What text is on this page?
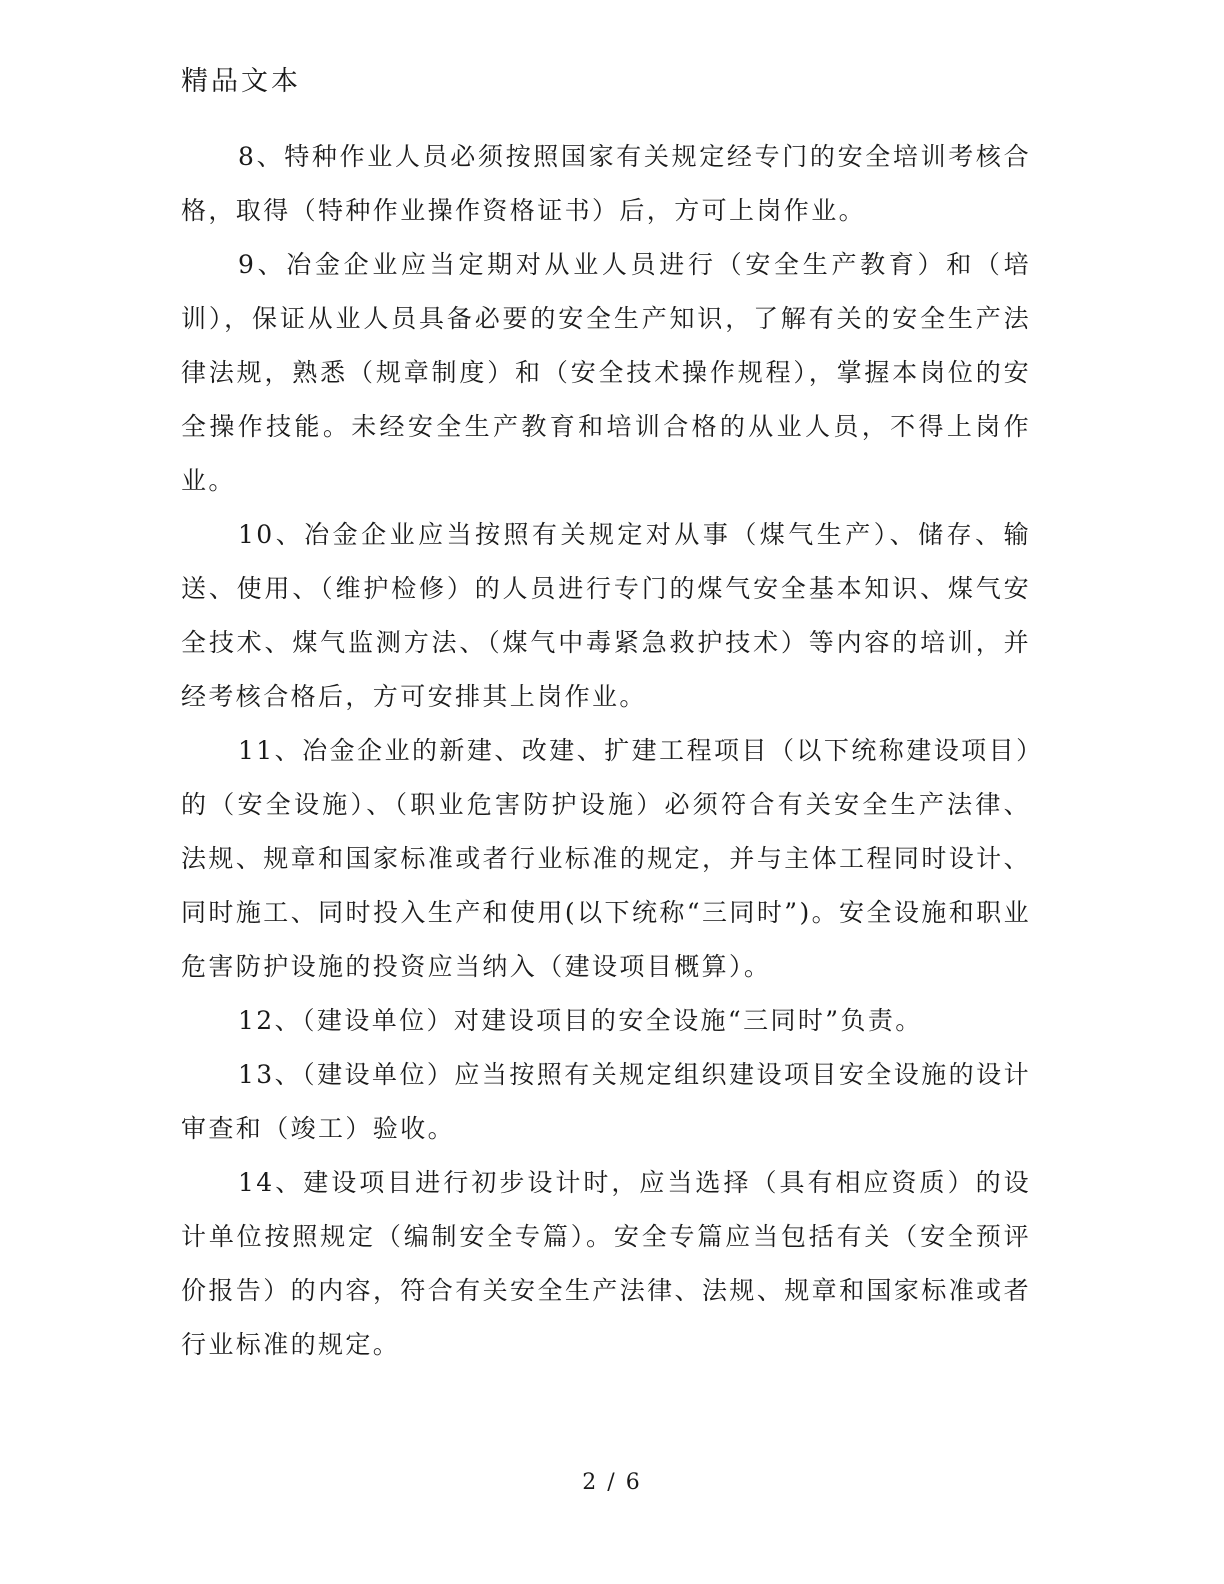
精品文本

8、特种作业人员必须按照国家有关规定经专门的安全培训考核合格，取得（特种作业操作资格证书）后，方可上岗作业。

9、冶金企业应当定期对从业人员进行（安全生产教育）和（培训），保证从业人员具备必要的安全生产知识，了解有关的安全生产法律法规，熟悉（规章制度）和（安全技术操作规程），掌握本岗位的安全操作技能。未经安全生产教育和培训合格的从业人员，不得上岗作业。

10、冶金企业应当按照有关规定对从事（煤气生产）、储存、输送、使用、（维护检修）的人员进行专门的煤气安全基本知识、煤气安全技术、煤气监测方法、（煤气中毒紧急救护技术）等内容的培训，并经考核合格后，方可安排其上岗作业。

11、冶金企业的新建、改建、扩建工程项目（以下统称建设项目）的（安全设施）、（职业危害防护设施）必须符合有关安全生产法律、法规、规章和国家标准或者行业标准的规定，并与主体工程同时设计、同时施工、同时投入生产和使用(以下统称“三同时”)。安全设施和职业危害防护设施的投资应当纳入（建设项目概算）。

12、（建设单位）对建设项目的安全设施“三同时”负责。

13、（建设单位）应当按照有关规定组织建设项目安全设施的设计审查和（竣工）验收。

14、建设项目进行初步设计时，应当选择（具有相应资质）的设计单位按照规定（编制安全专篇）。安全专篇应当包括有关（安全预评价报告）的内容，符合有关安全生产法律、法规、规章和国家标准或者行业标准的规定。

2 / 6
